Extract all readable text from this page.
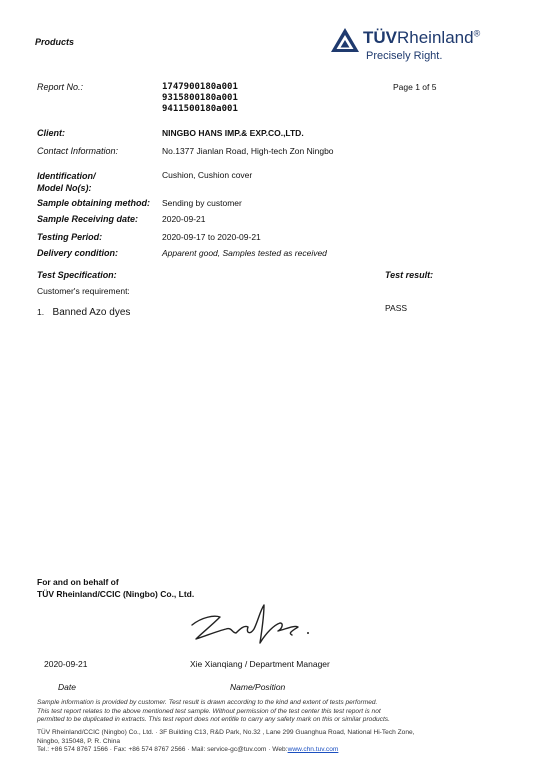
Products	TÜVRheinland®
Precisely Right.
Report No.:	1747900180a001
9315800180a001
9411500180a001
Page 1 of 5
Client:	NINGBO HANS IMP.& EXP.CO.,LTD.
Contact Information:	No.1377 Jianlan Road, High-tech Zon Ningbo
Identification/
Model No(s):
Cushion, Cushion cover
Sample obtaining method: Sending by customer
Sample Receiving date:	2020-09-21
Testing Period:	2020-09-17 to 2020-09-21
Delivery condition:	Apparent good, Samples tested as received
Test Specification:	Test result:
Customer's requirement:
1. Banned Azo dyes	PASS
For and on behalf of
TÜV Rheinland/CCIC (Ningbo) Co., Ltd.
2020-09-21	Xie Xianqiang / Department Manager
Date	Name/Position
Sample information is provided by customer. Test result is drawn according to the kind and extent of tests performed.
This test report relates to the above mentioned test sample. Without permission of the test center this test report is not
permitted to be duplicated in extracts. This test report does not entitle to carry any safety mark on this or similar products.
TÜV Rheinland/CCIC (Ningbo) Co., Ltd. · 3F Building C13, R&D Park, No.32 , Lane 299 Guanghua Road, National Hi-Tech Zone,
Ningbo, 315048, P. R. China
Tel.: +86 574 8767 1566 · Fax: +86 574 8767 2566 · Mail: service-gc@tuv.com · Web:www.chn.tuv.com
